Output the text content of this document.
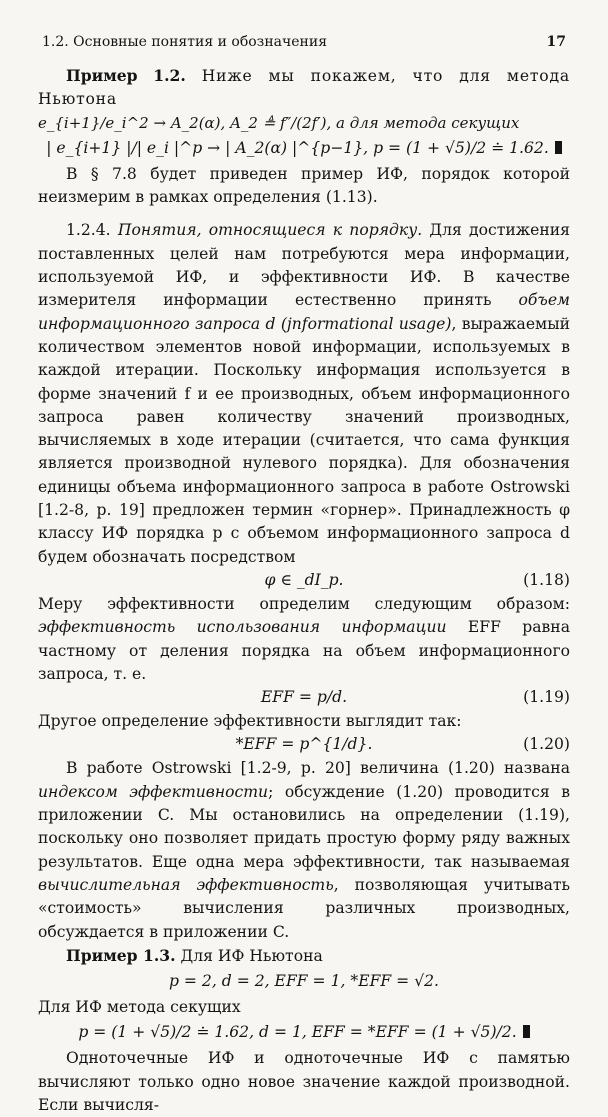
1.2. Основные понятия и обозначения	17

Пример 1.2. Ниже мы покажем, что для метода Ньютона

e_{i+1}/e_i^2 → A_2(α), A_2 ≜ f″/(2f′), а для метода секущих

| e_{i+1} |/| e_i |^p → | A_2(α) |^{p−1}, p = (1 + √5)/2 ≐ 1.62.

В § 7.8 будет приведен пример ИФ, порядок которой неизмерим в рамках определения (1.13).

1.2.4. Понятия, относящиеся к порядку. Для достижения поставленных целей нам потребуются мера информации, используемой ИФ, и эффективности ИФ. В качестве измерителя информации естественно принять объем информационного запроса d (jnformational usage), выражаемый количеством элементов новой информации, используемых в каждой итерации. Поскольку информация используется в форме значений f и ее производных, объем информационного запроса равен количеству значений производных, вычисляемых в ходе итерации (считается, что сама функция является производной нулевого порядка). Для обозначения единицы объема информационного запроса в работе Ostrowski [1.2-8, p. 19] предложен термин «горнер». Принадлежность φ классу ИФ порядка p с объемом информационного запроса d будем обозначать посредством

φ ∈ _dI_p.	(1.18)

Меру эффективности определим следующим образом: эффективность использования информации EFF равна частному от деления порядка на объем информационного запроса, т. е.

EFF = p/d.	(1.19)

Другое определение эффективности выглядит так:

*EFF = p^{1/d}.	(1.20)

В работе Ostrowski [1.2-9, p. 20] величина (1.20) названа индексом эффективности; обсуждение (1.20) проводится в приложении C. Мы остановились на определении (1.19), поскольку оно позволяет придать простую форму ряду важных результатов. Еще одна мера эффективности, так называемая вычислительная эффективность, позволяющая учитывать «стоимость» вычисления различных производных, обсуждается в приложении C.

Пример 1.3. Для ИФ Ньютона

p = 2, d = 2, EFF = 1, *EFF = √2.

Для ИФ метода секущих

p = (1 + √5)/2 ≐ 1.62, d = 1, EFF = *EFF = (1 + √5)/2.

Одноточечные ИФ и одноточечные ИФ с памятью вычисляют только одно новое значение каждой производной. Если вычисля-
